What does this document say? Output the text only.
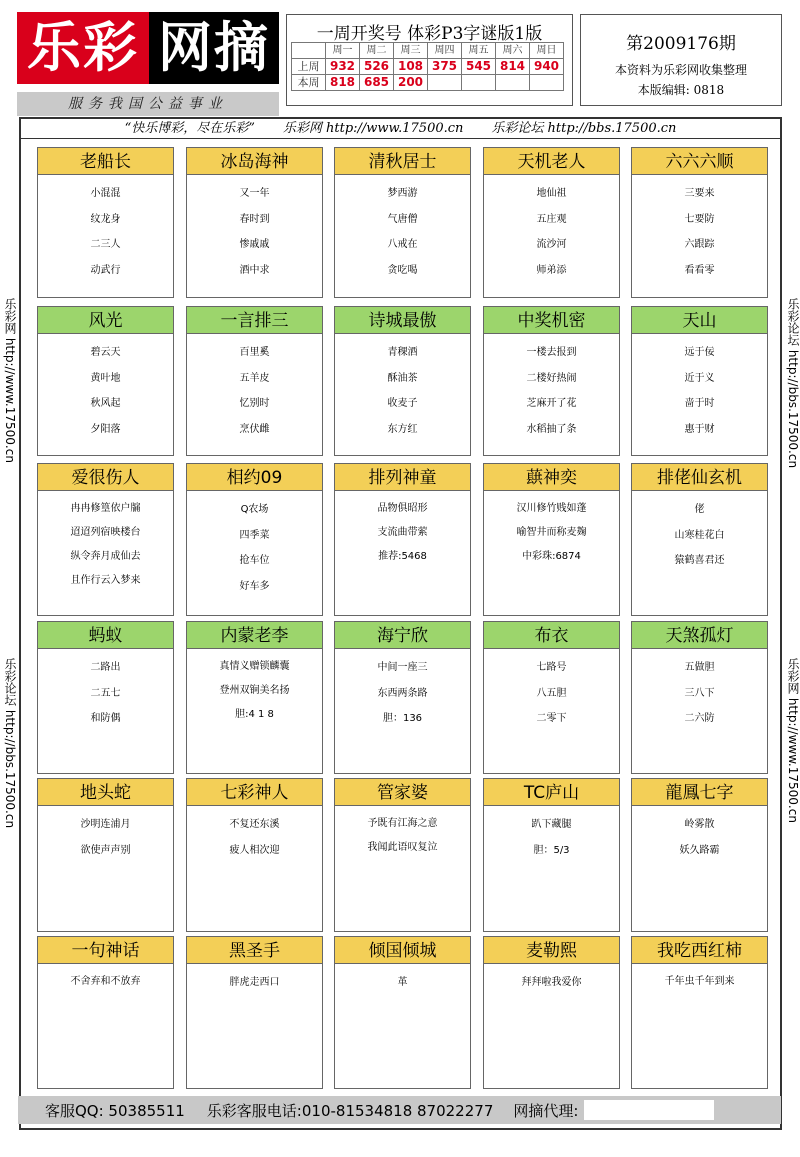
乐彩 网摘
服务我国公益事业
一周开奖号 体彩P3字谜版1版
	周一	周二	周三	周四	周五	周六	周日
上周	932	526	108	375	545	814	940
本周	818	685	200				
第2009176期
本资料为乐彩网收集整理
本版编辑: 0818
乐彩网 http://www.17500.cn
乐彩论坛 http://bbs.17500.cn
乐彩论坛 http://bbs.17500.cn
乐彩网 http://www.17500.cn
“快乐博彩，尽在乐彩” 乐彩网 http://www.17500.cn 乐彩论坛 http://bbs.17500.cn
老船长
小混混
纹龙身
二三人
动武行
冰岛海神
又一年
春时到
惨戚戚
酒中求
清秋居士
梦西游
气唐僧
八戒在
贪吃喝
天机老人
地仙祖
五庄观
流沙河
师弟添
六六六顺
三要来
七要防
六跟踪
看看零
风光
碧云天
黄叶地
秋风起
夕阳落
一言排三
百里奚
五羊皮
忆别时
烹伏雌
诗城最傲
青稞酒
酥油茶
收麦子
东方红
中奖机密
一楼去报到
二楼好热闹
芝麻开了花
水稻抽了条
天山
远于佞
近于义
啬于时
惠于财
爱很伤人
冉冉修篁依户牖
迢迢列宿映楼台
纵令奔月成仙去
且作行云入梦来
相约09
Q农场
四季菜
抢车位
好车多
排列神童
品物俱昭形
支流曲带萦
推荐:5468
蕻神奕
汉川修竹贱如蓬
喻智井而称麦麹
中彩珠:6874
排佬仙玄机
佬
山寒桂花白
猿鹤喜君还
蚂蚁
二路出
二五七
和防偶
内蒙老李
真情义赠锁麟囊
登州双锏美名扬
胆:4 1 8
海宁欣
中间一座三
东西两条路
胆：136
布衣
七路号
八五胆
二零下
天煞孤灯
五做胆
三八下
二六防
地头蛇
沙明连浦月
欲使声声别
七彩神人
不复还东溪
疲人相次迎
管家婆
予既有江海之意
我闻此语叹复泣
TC庐山
趴下藏腿
胆：5/3
龍鳳七字
岭雾散
妖久路霸
一句神话
不舍弃和不放弃
黑圣手
胖虎走西口
倾国倾城
革
麦勒熙
拜拜啦我爱你
我吃西红柿
千年虫千年到来
客服QQ: 50385511 乐彩客服电话:010-81534818 87022277 网摘代理:
